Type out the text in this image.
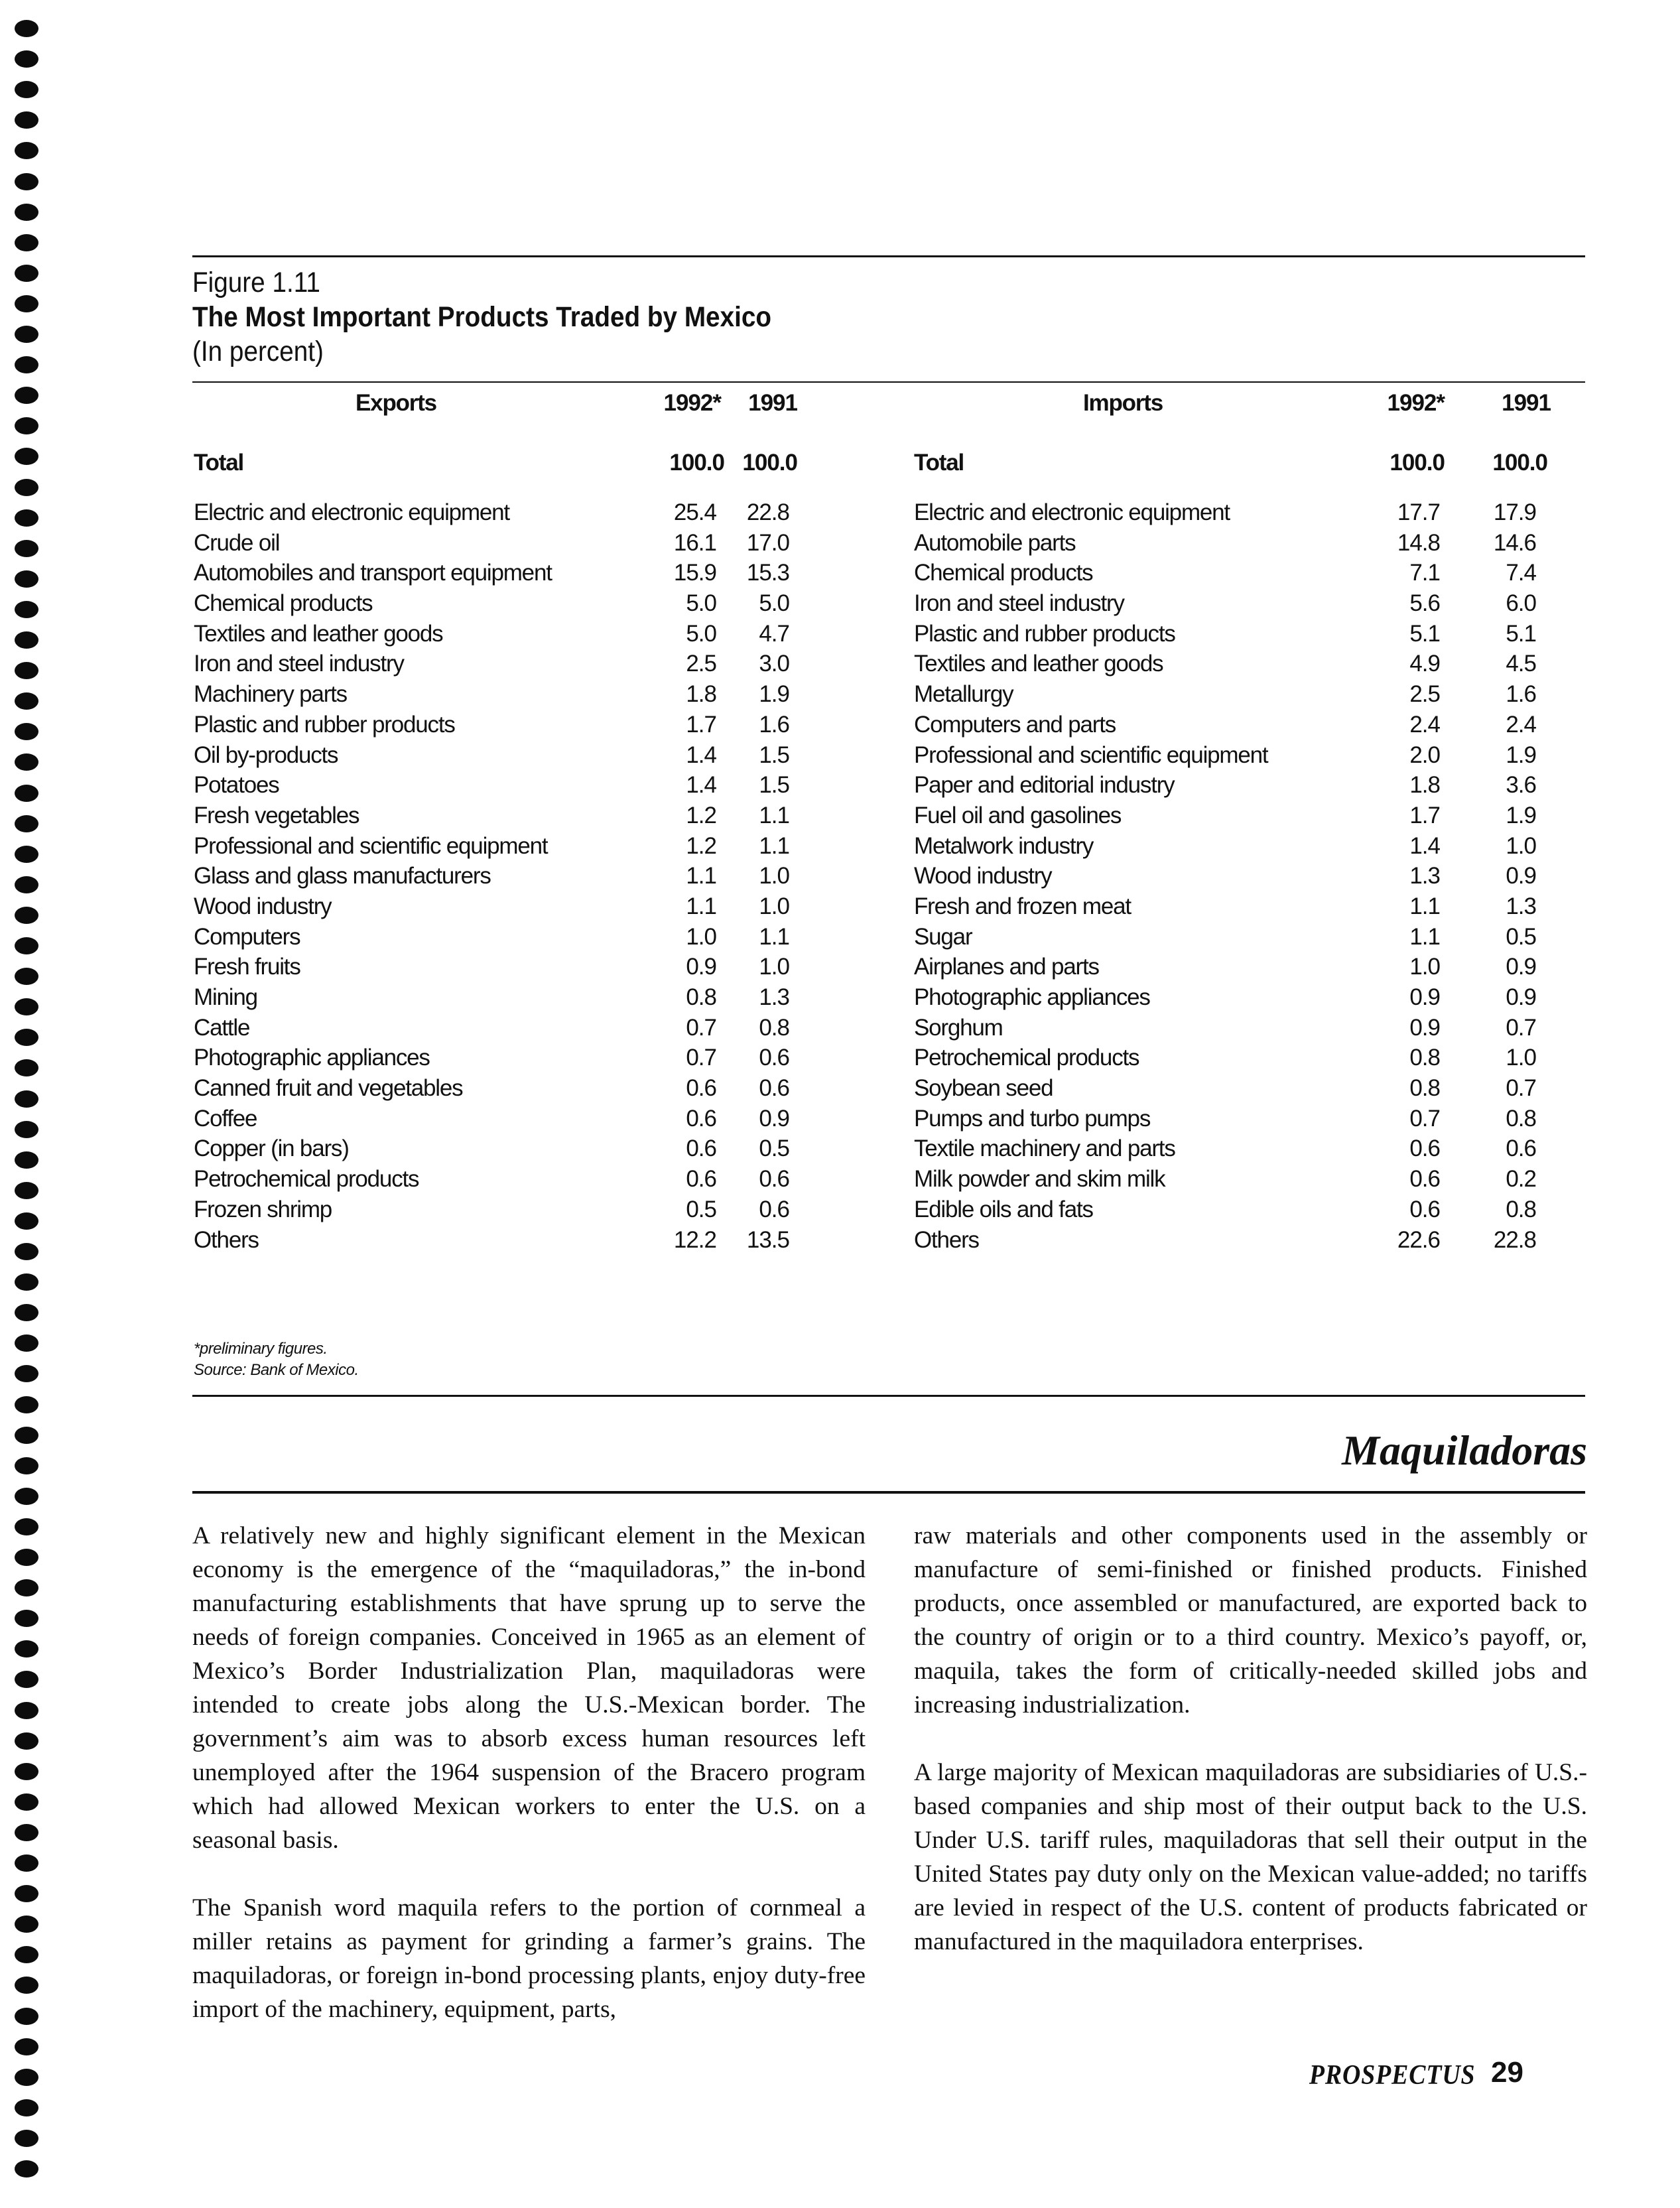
Figure 1.11
The Most Important Products Traded by Mexico
(In percent)
Exports	1992*	1991
Total	100.0 100.0
Electric and electronic equipment	25.4	22.8
Crude oil	16.1	17.0
Automobiles and transport equipment	15.9	15.3
Chemical products	5.0	5.0
Textiles and leather goods	5.0	4.7
Iron and steel industry	2.5	3.0
Machinery parts	1.8	1.9
Plastic and rubber products	1.7	1.6
Oil by-products	1.4	1.5
Potatoes	1.4	1.5
Fresh vegetables	1.2	1.1
Professional and scientific equipment	1.2	1.1
Glass and glass manufacturers	1.1	1.0
Wood industry	1.1	1.0
Computers	1.0	1.1
Fresh fruits	0.9	1.0
Mining	0.8	1.3
Cattle	0.7	0.8
Photographic appliances	0.7	0.6
Canned fruit and vegetables	0.6	0.6
Coffee	0.6	0.9
Copper (in bars)	0.6	0.5
Petrochemical products	0.6	0.6
Frozen shrimp	0.5	0.6
Others	12.2	13.5
Imports	1992*	1991
Total	100.0	100.0
Electric and electronic equipment	17.7	17.9
Automobile parts	14.8	14.6
Chemical products	7.1	7.4
Iron and steel industry	5.6	6.0
Plastic and rubber products	5.1	5.1
Textiles and leather goods	4.9	4.5
Metallurgy	2.5	1.6
Computers and parts	2.4	2.4
Professional and scientific equipment	2.0	1.9
Paper and editorial industry	1.8	3.6
Fuel oil and gasolines	1.7	1.9
Metalwork industry	1.4	1.0
Wood industry	1.3	0.9
Fresh and frozen meat	1.1	1.3
Sugar	1.1	0.5
Airplanes and parts	1.0	0.9
Photographic appliances	0.9	0.9
Sorghum	0.9	0.7
Petrochemical products	0.8	1.0
Soybean seed	0.8	0.7
Pumps and turbo pumps	0.7	0.8
Textile machinery and parts	0.6	0.6
Milk powder and skim milk	0.6	0.2
Edible oils and fats	0.6	0.8
Others	22.6	22.8
*preliminary figures.
Source: Bank of Mexico.
Maquiladoras

A relatively new and highly significant element in the Mexican economy is the emergence of the “maquiladoras,” the in-bond manufacturing establishments that have sprung up to serve the needs of foreign companies. Conceived in 1965 as an element of Mexico’s Border Industrialization Plan, maquiladoras were intended to create jobs along the U.S.-Mexican border. The government’s aim was to absorb excess human resources left unemployed after the 1964 suspension of the Bracero program which had allowed Mexican workers to enter the U.S. on a seasonal basis.

The Spanish word maquila refers to the portion of cornmeal a miller retains as payment for grinding a farmer’s grains. The maquiladoras, or foreign in-bond processing plants, enjoy duty-free import of the machinery, equipment, parts,

raw materials and other components used in the assembly or manufacture of semi-finished or finished products. Finished products, once assembled or manufactured, are exported back to the country of origin or to a third country. Mexico’s payoff, or, maquila, takes the form of critically-needed skilled jobs and increasing industrialization.

A large majority of Mexican maquiladoras are subsidiaries of U.S.-based companies and ship most of their output back to the U.S. Under U.S. tariff rules, maquiladoras that sell their output in the United States pay duty only on the Mexican value-added; no tariffs are levied in respect of the U.S. content of products fabricated or manufactured in the maquiladora enterprises.

PROSPECTUS 29
